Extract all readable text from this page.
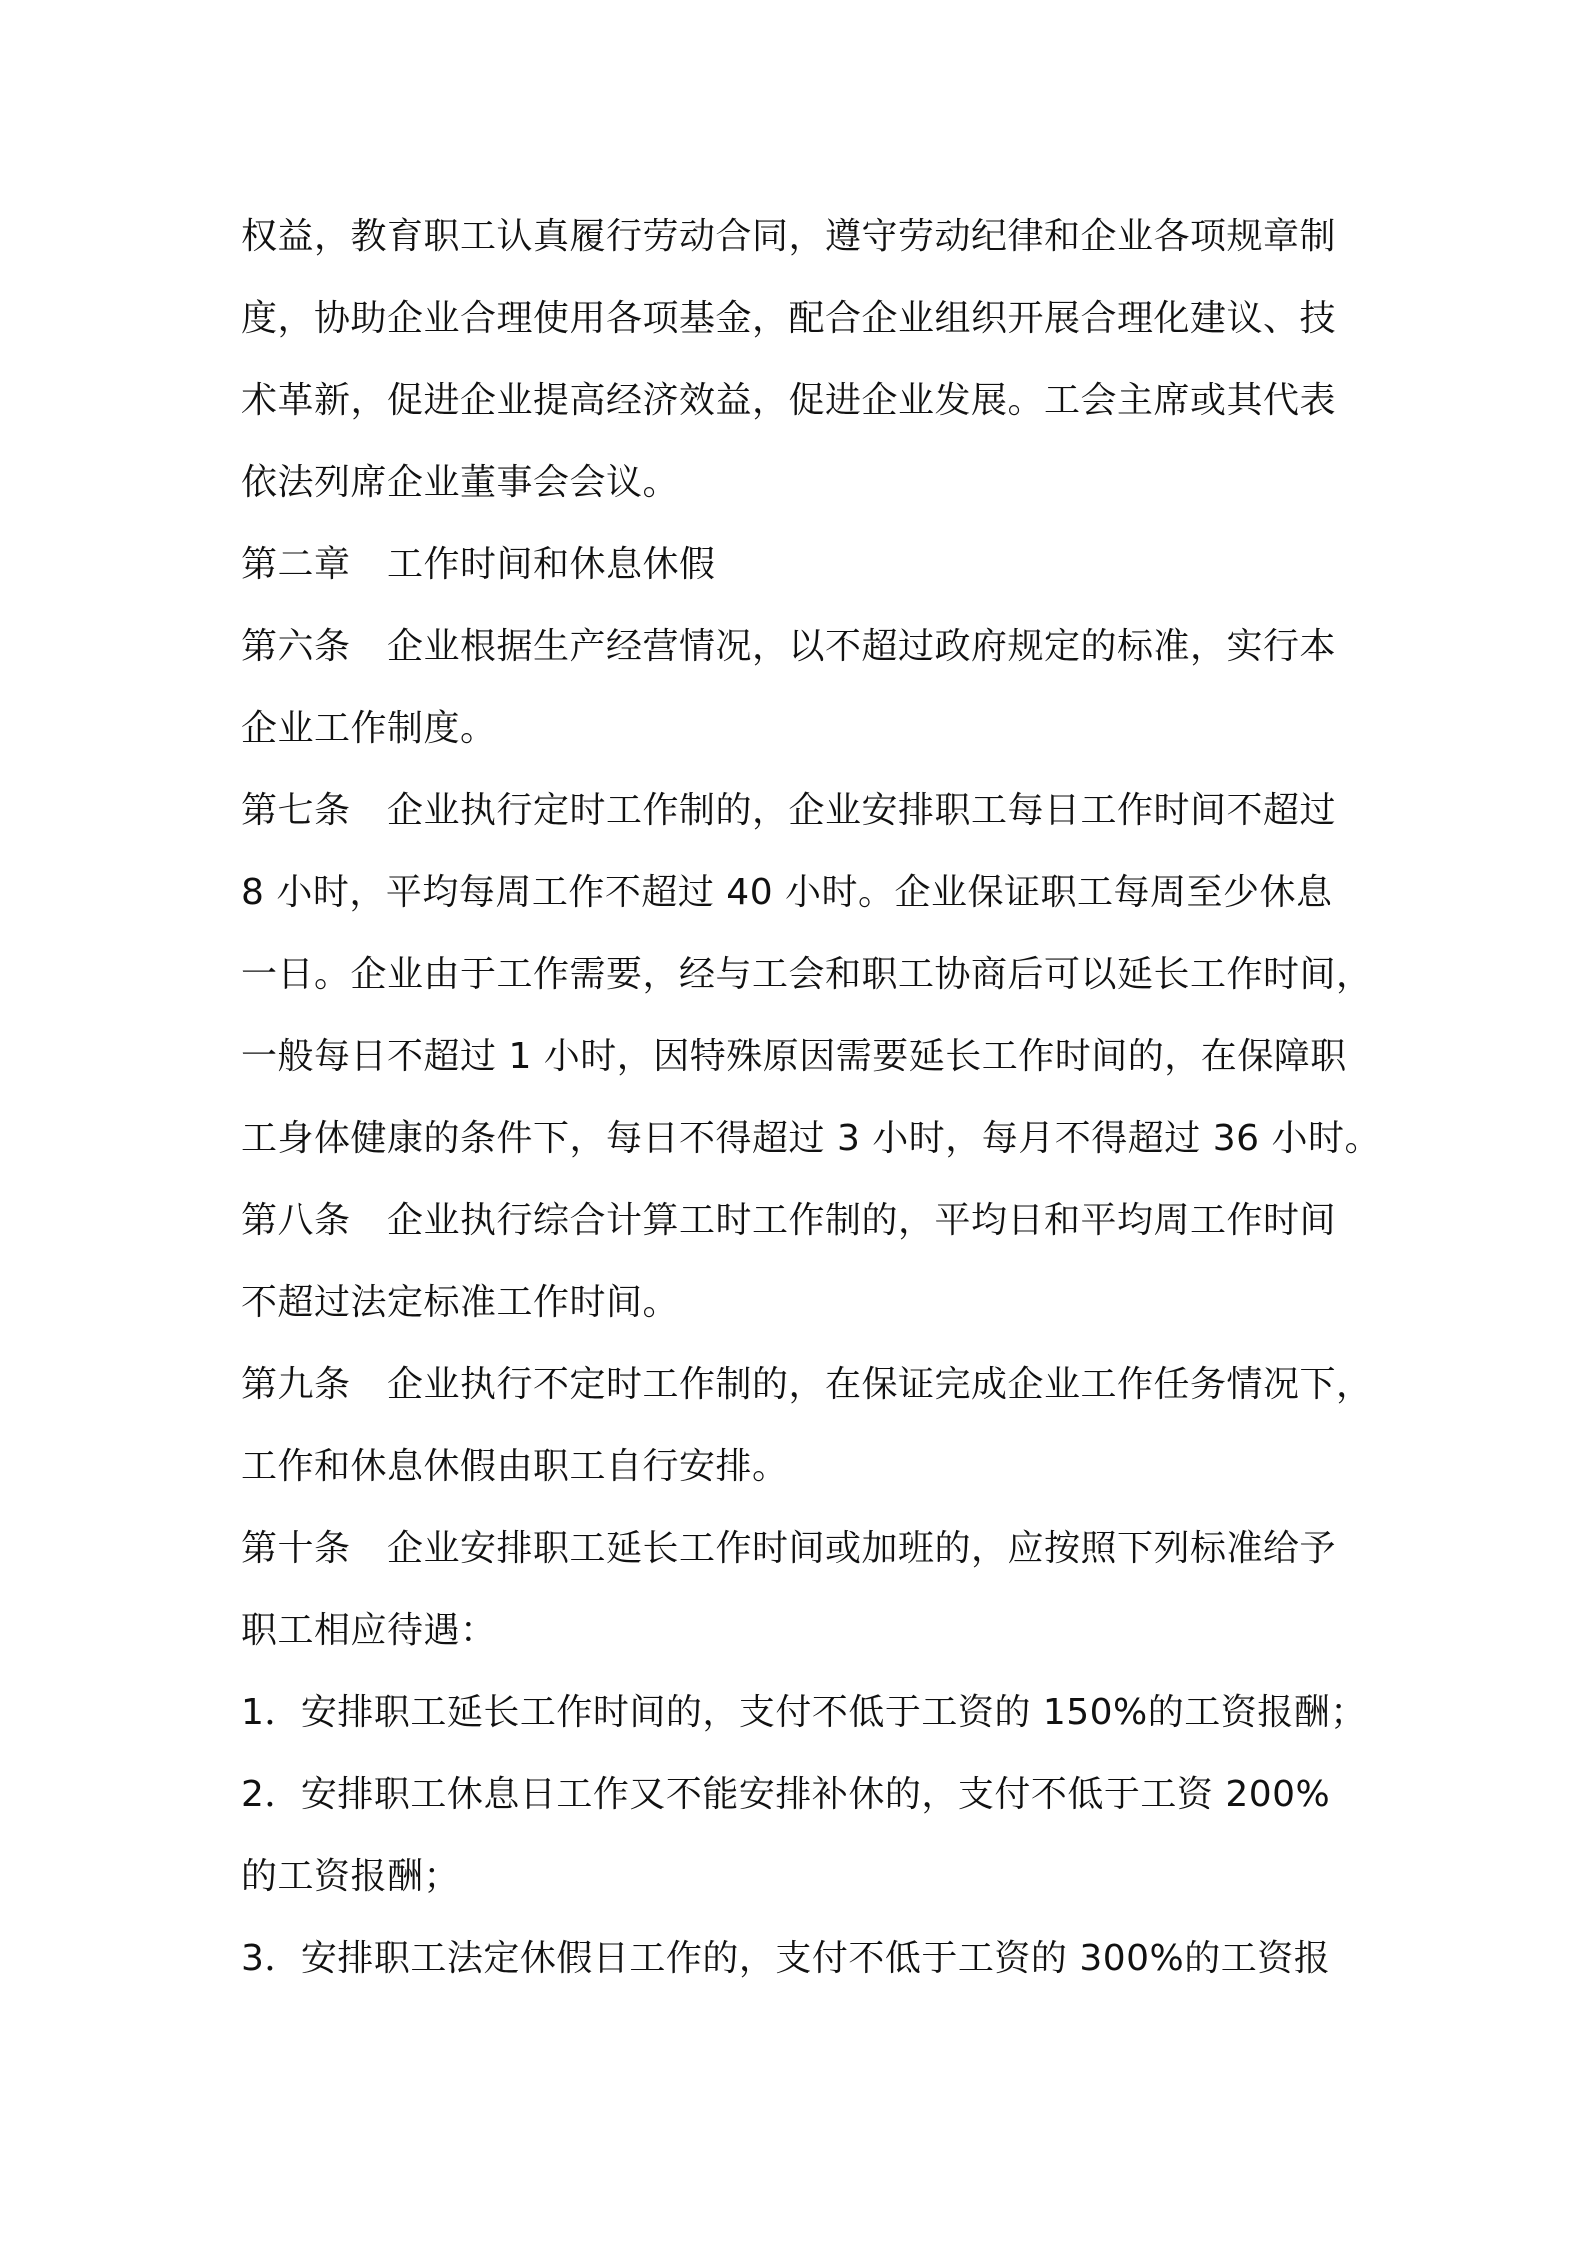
权益，教育职工认真履行劳动合同，遵守劳动纪律和企业各项规章制
度，协助企业合理使用各项基金，配合企业组织开展合理化建议、技
术革新，促进企业提高经济效益，促进企业发展。工会主席或其代表
依法列席企业董事会会议。
第二章　工作时间和休息休假
第六条　企业根据生产经营情况，以不超过政府规定的标准，实行本
企业工作制度。
第七条　企业执行定时工作制的，企业安排职工每日工作时间不超过
8 小时，平均每周工作不超过 40 小时。企业保证职工每周至少休息
一日。企业由于工作需要，经与工会和职工协商后可以延长工作时间，
一般每日不超过 1 小时，因特殊原因需要延长工作时间的，在保障职
工身体健康的条件下，每日不得超过 3 小时，每月不得超过 36 小时。
第八条　企业执行综合计算工时工作制的，平均日和平均周工作时间
不超过法定标准工作时间。
第九条　企业执行不定时工作制的，在保证完成企业工作任务情况下，
工作和休息休假由职工自行安排。
第十条　企业安排职工延长工作时间或加班的，应按照下列标准给予
职工相应待遇：
1．安排职工延长工作时间的，支付不低于工资的 150%的工资报酬；
2．安排职工休息日工作又不能安排补休的，支付不低于工资 200%
的工资报酬；
3．安排职工法定休假日工作的，支付不低于工资的 300%的工资报
